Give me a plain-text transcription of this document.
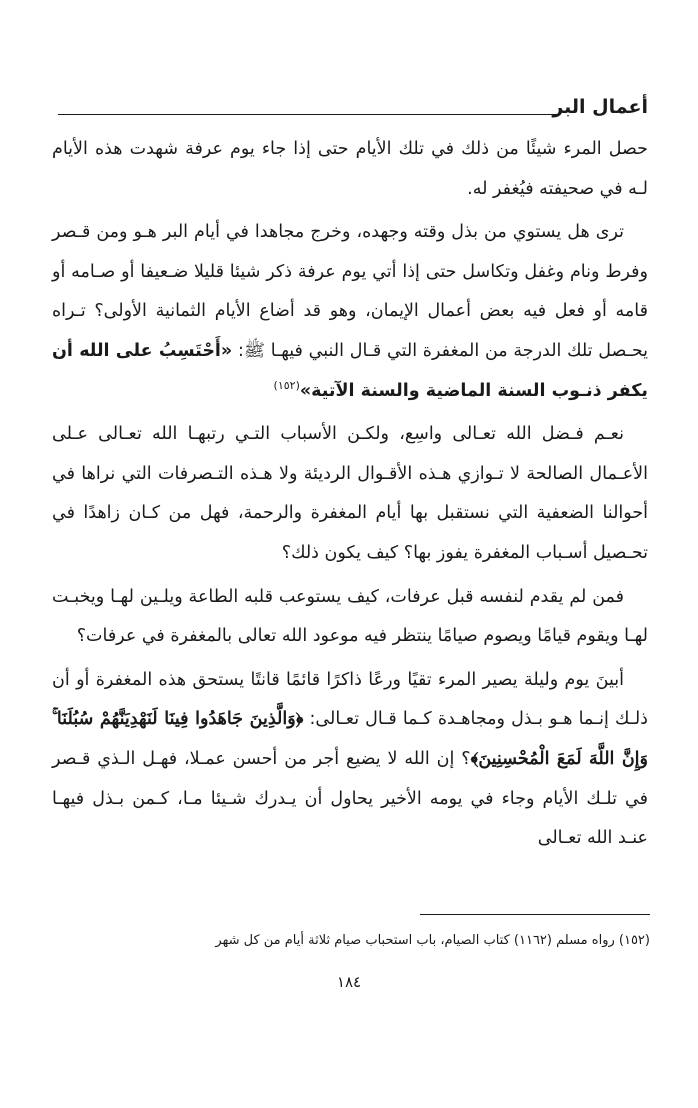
أعمال البر

حصل المرء شيئًا من ذلك في تلك الأيام حتى إذا جاء يوم عرفة شهدت هذه الأيام لـه في صحيفته فيُغفر له.

ترى هل يستوي من بذل وقته وجهده، وخرج مجاهدا في أيام البر هـو ومن قـصر وفرط ونام وغفل وتكاسل حتى إذا أتي يوم عرفة ذكر شيئا قليلا ضـعيفا أو صـامه أو قامه أو فعل فيه بعض أعمال الإيمان، وهو قد أضاع الأيام الثمانية الأولى؟ تـراه يحـصل تلك الدرجة من المغفرة التي قـال النبي فيهـا ﷺ: «أَحْتَسِبُ على الله أن يكفر ذنـوب السنة الماضية والسنة الآتية»$^{(١٥٢)}$

نعـم فـضل الله تعـالى واسِع، ولكـن الأسباب التـي رتبهـا الله تعـالى عـلى الأعـمال الصالحة لا تـوازي هـذه الأقـوال الرديئة ولا هـذه التـصرفات التي نراها في أحوالنا الضعفية التي نستقبل بها أيام المغفرة والرحمة، فهل من كـان زاهدًا في تحـصيل أسـباب المغفرة يفوز بها؟ كيف يكون ذلك؟

فمن لم يقدم لنفسه قبل عرفات، كيف يستوعب قلبه الطاعة ويلـين لهـا ويخبـت لهـا ويقوم قيامًا ويصوم صيامًا ينتظر فيه موعود الله تعالى بالمغفرة في عرفات؟

أبينَ يوم وليلة يصير المرء تقيًا ورعًا ذاكرًا قائمًا قانتًا يستحق هذه المغفرة أو أن ذلـك إنـما هـو بـذل ومجاهـدة كـما قـال تعـالى: ﴿وَالَّذِينَ جَاهَدُوا فِينَا لَنَهْدِيَنَّهُمْ سُبُلَنَا ۚ وَإِنَّ اللَّهَ لَمَعَ الْمُحْسِنِينَ﴾؟ إن الله لا يضيع أجر من أحسن عمـلا، فهـل الـذي قـصر في تلـك الأيام وجاء في يومه الأخير يحاول أن يـدرك شـيئا مـا، كـمن بـذل فيهـا عنـد الله تعـالى

(١٥٢) رواه مسلم (١١٦٢) كتاب الصيام، باب استحباب صيام ثلاثة أيام من كل شهر
١٨٤
